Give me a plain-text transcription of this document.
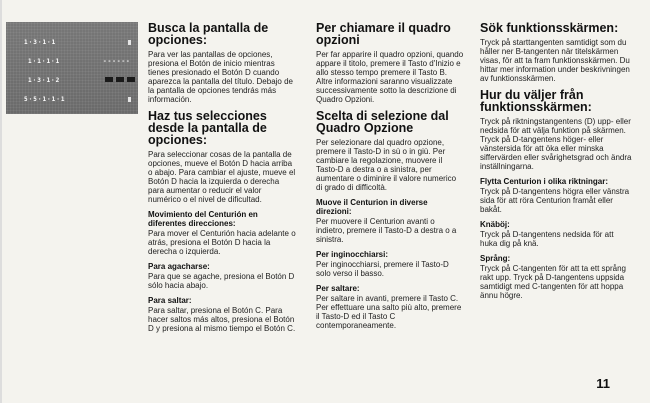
1·3·1·1
1·1·1·1	------
1·3·1·2
5·5·1·1·1
Busca la pantalla de opciones:

Para ver las pantallas de opciones, presiona el Botón de inicio mientras tienes presionado el Botón D cuando aparezca la pantalla del título. Debajo de la pantalla de opciones tendrás más información.

Haz tus selecciones desde la pantalla de opciones:

Para seleccionar cosas de la pantalla de opciones, mueve el Botón D hacia arriba o abajo. Para cambiar el ajuste, mueve el Botón D hacia la izquierda o derecha para aumentar o reducir el valor numérico o el nivel de dificultad.

Movimiento del Centurión en diferentes direcciones:

Para mover el Centurión hacia adelante o atrás, presiona el Botón D hacia la derecha o izquierda.

Para agacharse:

Para que se agache, presiona el Botón D sólo hacia abajo.

Para saltar:

Para saltar, presiona el Botón C. Para hacer saltos más altos, presiona el Botón D y presiona al mismo tiempo el Botón C.

Per chiamare il quadro opzioni

Per far apparire il quadro opzioni, quando appare il titolo, premere il Tasto d'Inizio e allo stesso tempo premere il Tasto B. Altre informazioni saranno visualizzate successivamente sotto la descrizione di Quadro Opzioni.

Scelta di selezione dal Quadro Opzione

Per selezionare dal quadro opzione, premere il Tasto-D in sù o in giù. Per cambiare la regolazione, muovere il Tasto-D a destra o a sinistra, per aumentare o diminire il valore numerico di grado di difficoltà.

Muove il Centurion in diverse direzioni:

Per muovere il Centurion avanti o indietro, premere il Tasto-D a destra o a sinistra.

Per inginocchiarsi:

Per inginocchiarsi, premere il Tasto-D solo verso il basso.

Per saltare:

Per saltare in avanti, premere il Tasto C. Per effettuare una salto più alto, premere il Tasto-D ed il Tasto C contemporaneamente.

Sök funktionsskärmen:

Tryck på starttangenten samtidigt som du håller ner B-tangenten när titelskärmen visas, för att ta fram funktionsskärmen. Du hittar mer information under beskrivningen av funktionsskärmen.

Hur du väljer från funktionsskärmen:

Tryck på riktningstangentens (D) upp- eller nedsida för att välja funktion på skärmen. Tryck på D-tangentens höger- eller vänstersida för att öka eller minska siffervärden eller svårighetsgrad och ändra inställningarna.

Flytta Centurion i olika riktningar:

Tryck på D-tangentens högra eller vänstra sida för att röra Centurion framåt eller bakåt.

Knäböj:

Tryck på D-tangentens nedsida för att huka dig på knä.

Språng:

Tryck på C-tangenten för att ta ett språng rakt upp. Tryck på D-tangentens uppsida samtidigt med C-tangenten för att hoppa ännu högre.

11
